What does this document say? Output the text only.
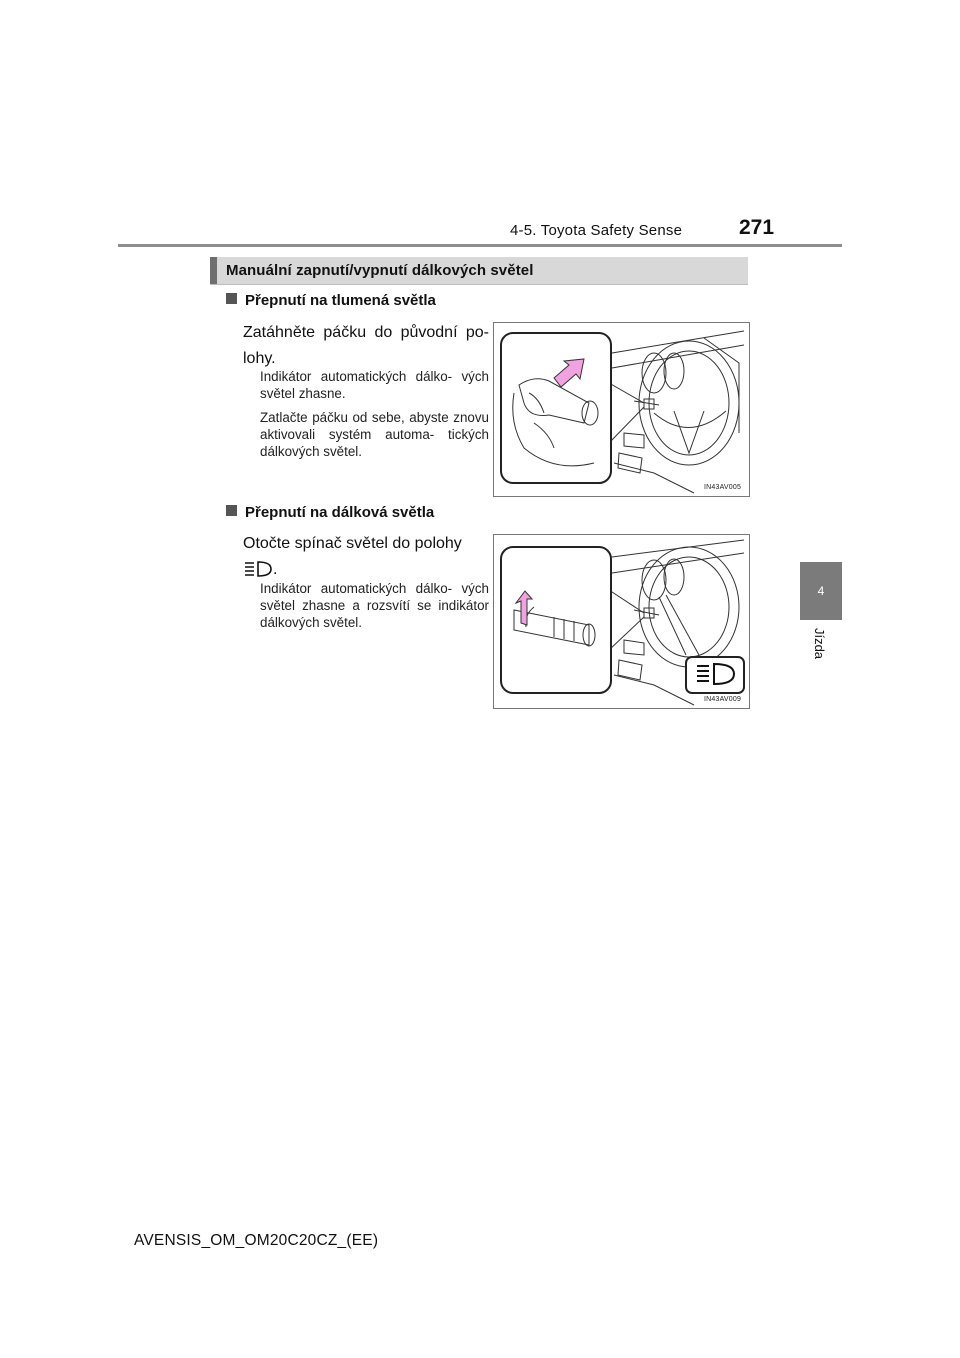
4-5. Toyota Safety Sense	271
4
Jízda
Manuální zapnutí/vypnutí dálkových světel
Přepnutí na tlumená světla
Zatáhněte páčku do původní po- lohy.
Indikátor automatických dálko- vých světel zhasne.
Zatlačte páčku od sebe, abyste znovu aktivovali systém automa- tických dálkových světel.
IN43AV005
Přepnutí na dálková světla
Otočte spínač světel do polohy
.
Indikátor automatických dálko- vých světel zhasne a rozsvítí se indikátor dálkových světel.
IN43AV009
AVENSIS_OM_OM20C20CZ_(EE)
